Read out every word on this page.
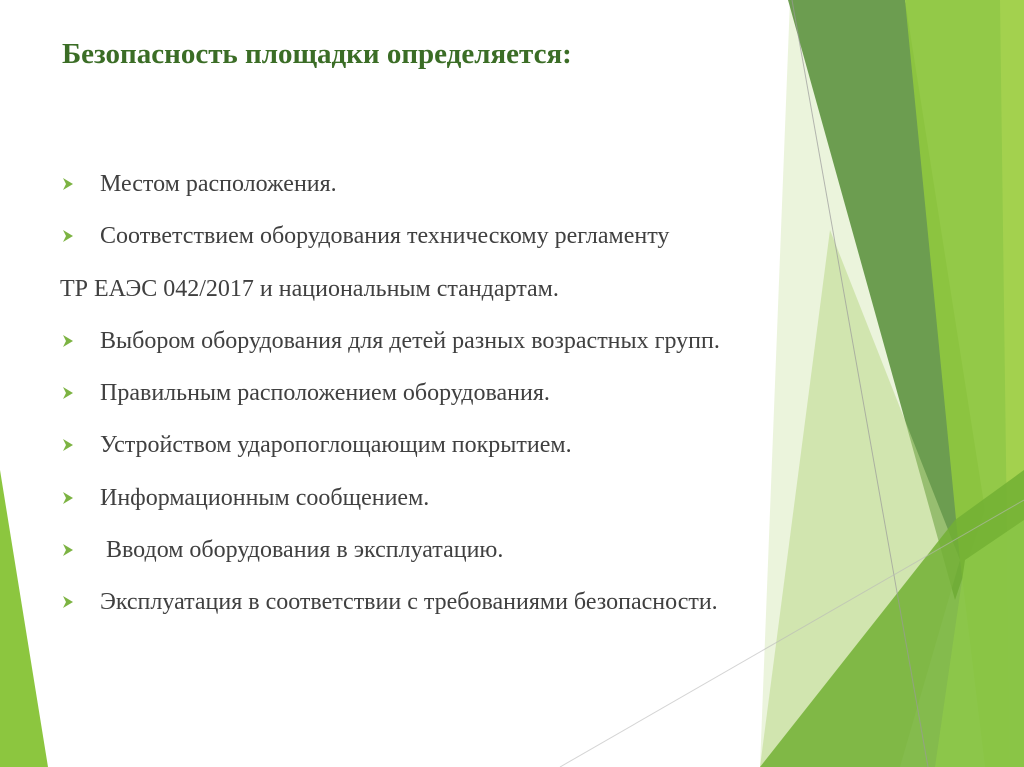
Безопасность площадки определяется:
Местом расположения.
Соответствием оборудования техническому регламенту
ТР ЕАЭС 042/2017 и национальным стандартам.
Выбором оборудования для детей разных возрастных групп.
Правильным расположением оборудования.
Устройством ударопоглощающим покрытием.
Информационным сообщением.
Вводом оборудования в эксплуатацию.
Эксплуатация в соответствии с требованиями безопасности.
